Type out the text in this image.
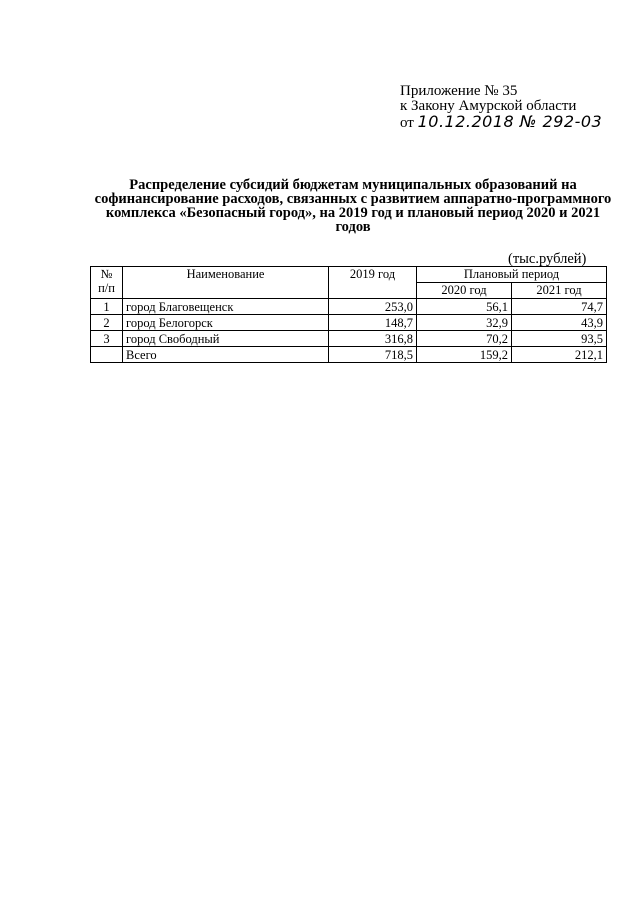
Приложение № 35
к Закону Амурской области
от 10.12.2018 № 292-03
Распределение субсидий бюджетам муниципальных образований на софинансирование расходов, связанных с развитием аппаратно-программного комплекса «Безопасный город», на 2019 год и плановый период 2020 и 2021 годов
(тыс.рублей)
№
п/п	Наименование	2019 год	Плановый период	
			2020 год	2021 год
1	город Благовещенск	253,0	56,1	74,7
2	город Белогорск	148,7	32,9	43,9
3	город Свободный	316,8	70,2	93,5
	Всего	718,5	159,2	212,1
